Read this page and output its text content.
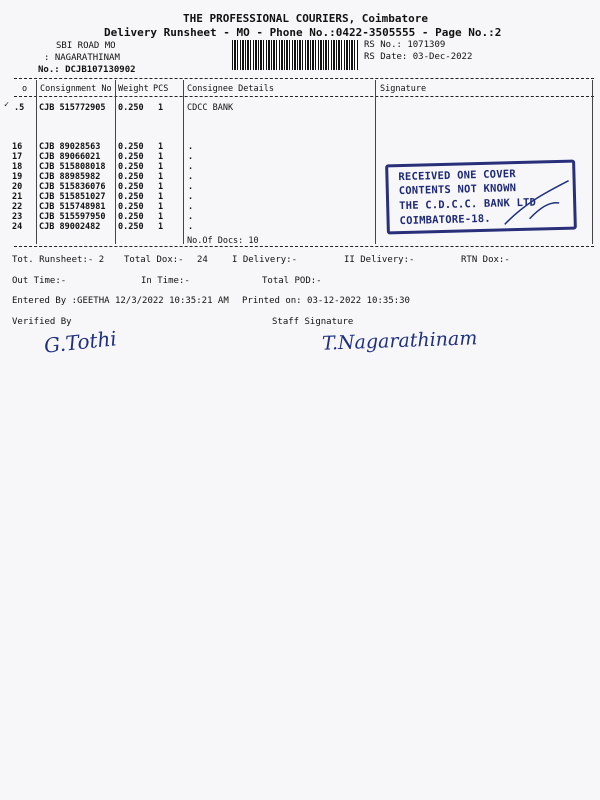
THE PROFESSIONAL COURIERS, Coimbatore
Delivery Runsheet - MO - Phone No.:0422-3505555 - Page No.:2
SBI ROAD MO
: NAGARATHINAM
No.: DCJB107130902
RS No.: 1071309
RS Date: 03-Dec-2022
o Consignment No Weight PCS Consignee Details	Signature
✓ .5 CJB 515772905 0.250 1	CDCC BANK
16 CJB 89028563 0.250 1	.
17 CJB 89066021 0.250 1	.
18 CJB 515808018 0.250 1	.
19 CJB 88985982 0.250 1	.
20 CJB 515836076 0.250 1	.
21 CJB 515851027 0.250 1	.
22 CJB 515748981 0.250 1	.
23 CJB 515597950 0.250 1	.
24 CJB 89002482 0.250 1	.
No.Of Docs: 10
RECEIVED ONE COVER
CONTENTS NOT KNOWN
THE C.D.C.C. BANK LTD
COIMBATORE-18.
Tot. Runsheet:- 2 Total Dox:- 24	I Delivery:-	II Delivery:-	RTN Dox:-
Out Time:-	In Time:-	Total POD:-
Entered By :GEETHA 12/3/2022 10:35:21 AM Printed on: 03-12-2022 10:35:30
Verified By	Staff Signature
G.Tothi	T.Nagarathinam
